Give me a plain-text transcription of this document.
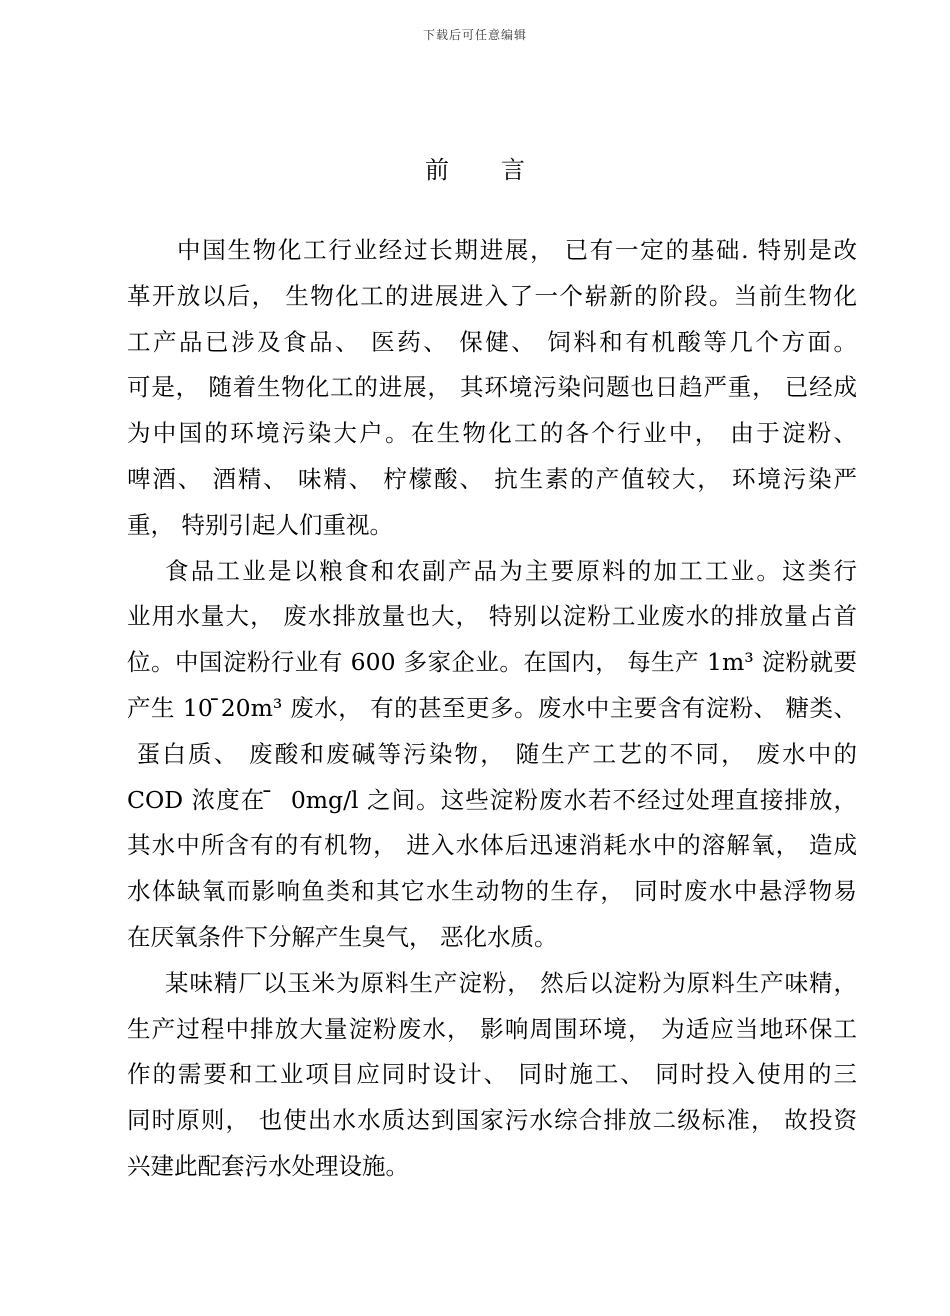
下载后可任意编辑
前言
中国生物化工行业经过长期进展， 已有一定的基础. 特别是改
革开放以后， 生物化工的进展进入了一个崭新的阶段。当前生物化
工产品已涉及食品、 医药、 保健、 饲料和有机酸等几个方面。
可是， 随着生物化工的进展， 其环境污染问题也日趋严重， 已经成
为中国的环境污染大户。在生物化工的各个行业中， 由于淀粉、
啤酒、 酒精、 味精、 柠檬酸、 抗生素的产值较大， 环境污染严
重， 特别引起人们重视。
食品工业是以粮食和农副产品为主要原料的加工工业。这类行
业用水量大， 废水排放量也大， 特别以淀粉工业废水的排放量占首
位。中国淀粉行业有 600 多家企业。在国内， 每生产 1m³ 淀粉就要
产生 10 ̄20m³ 废水， 有的甚至更多。废水中主要含有淀粉、 糖类、
蛋白质、 废酸和废碱等污染物， 随生产工艺的不同， 废水中的
COD 浓度在 ̄  0mg/l 之间。这些淀粉废水若不经过处理直接排放，
其水中所含有的有机物， 进入水体后迅速消耗水中的溶解氧， 造成
水体缺氧而影响鱼类和其它水生动物的生存， 同时废水中悬浮物易
在厌氧条件下分解产生臭气， 恶化水质。
某味精厂以玉米为原料生产淀粉， 然后以淀粉为原料生产味精，
生产过程中排放大量淀粉废水， 影响周围环境， 为适应当地环保工
作的需要和工业项目应同时设计、 同时施工、 同时投入使用的三
同时原则， 也使出水水质达到国家污水综合排放二级标准， 故投资
兴建此配套污水处理设施。
